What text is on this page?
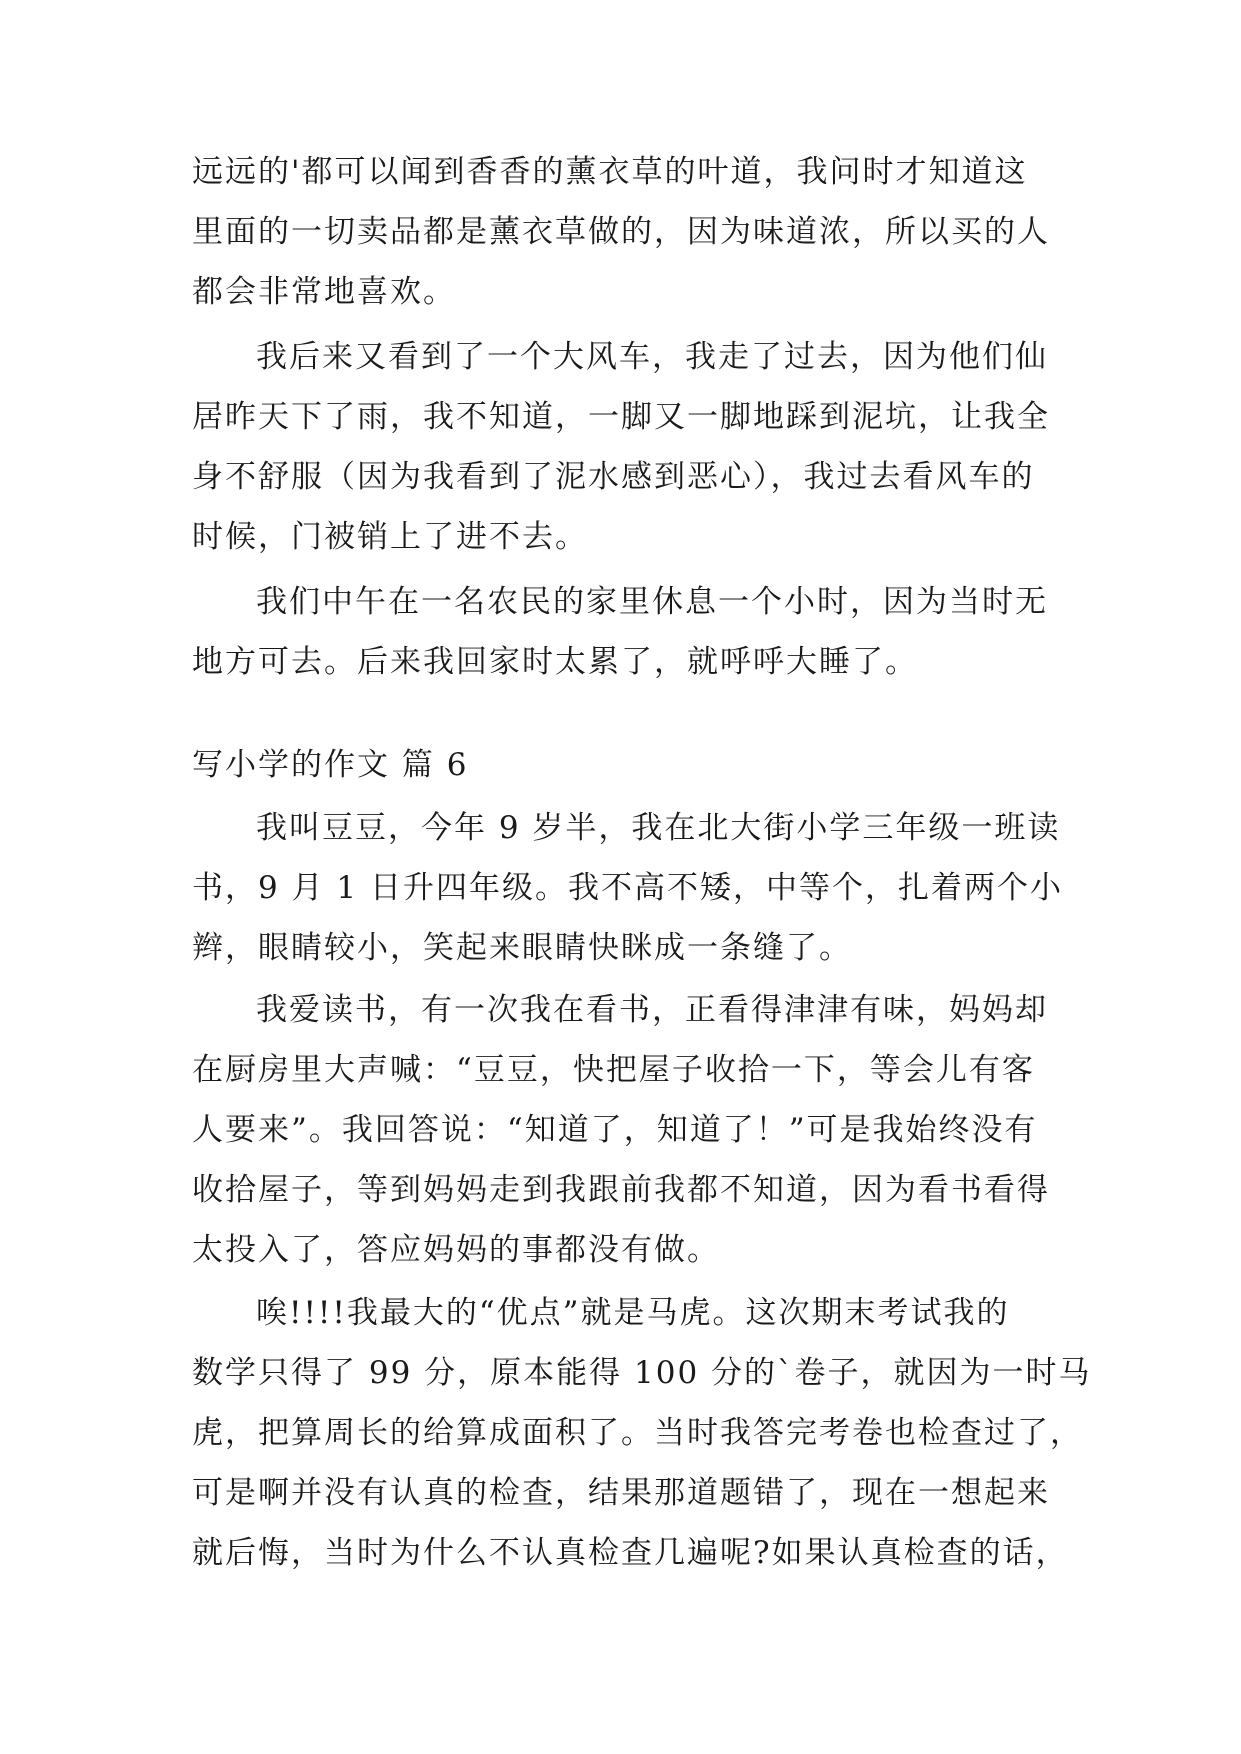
远远的'都可以闻到香香的薰衣草的叶道，我问时才知道这
里面的一切卖品都是薰衣草做的，因为味道浓，所以买的人
都会非常地喜欢。
我后来又看到了一个大风车，我走了过去，因为他们仙
居昨天下了雨，我不知道，一脚又一脚地踩到泥坑，让我全
身不舒服（因为我看到了泥水感到恶心），我过去看风车的
时候，门被销上了进不去。
我们中午在一名农民的家里休息一个小时，因为当时无
地方可去。后来我回家时太累了，就呼呼大睡了。
写小学的作文 篇 6
我叫豆豆，今年 9 岁半，我在北大街小学三年级一班读
书，9 月 1 日升四年级。我不高不矮，中等个，扎着两个小
辫，眼睛较小，笑起来眼睛快眯成一条缝了。
我爱读书，有一次我在看书，正看得津津有味，妈妈却
在厨房里大声喊：“豆豆，快把屋子收拾一下，等会儿有客
人要来”。我回答说：“知道了，知道了！”可是我始终没有
收拾屋子，等到妈妈走到我跟前我都不知道，因为看书看得
太投入了，答应妈妈的事都没有做。
唉!!!!我最大的“优点”就是马虎。这次期末考试我的
数学只得了 99 分，原本能得 100 分的`卷子，就因为一时马
虎，把算周长的给算成面积了。当时我答完考卷也检查过了，
可是啊并没有认真的检查，结果那道题错了，现在一想起来
就后悔，当时为什么不认真检查几遍呢?如果认真检查的话，
